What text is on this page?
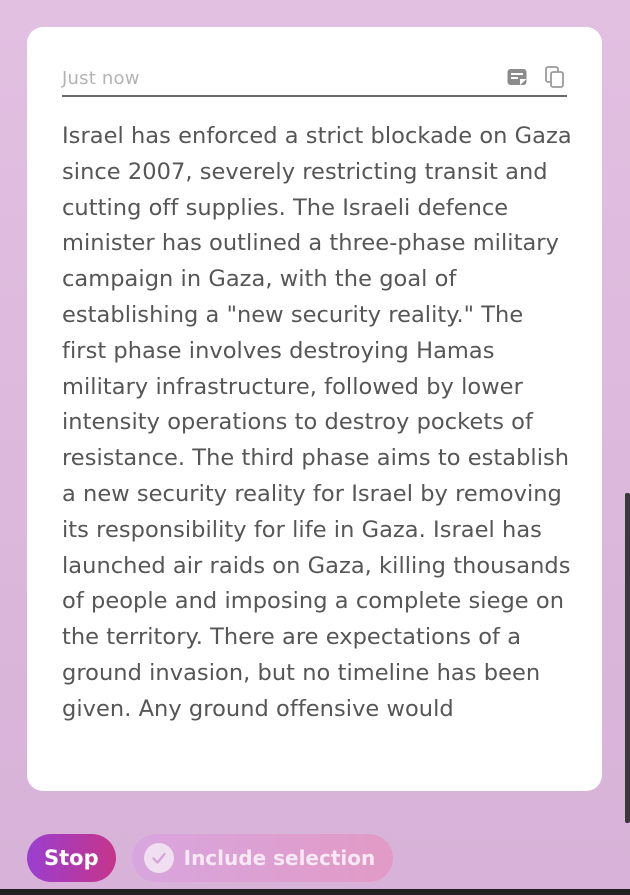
Just now
Israel has enforced a strict blockade on Gaza since 2007, severely restricting transit and cutting off supplies. The Israeli defence minister has outlined a three-phase military campaign in Gaza, with the goal of establishing a "new security reality." The first phase involves destroying Hamas military infrastructure, followed by lower intensity operations to destroy pockets of resistance. The third phase aims to establish a new security reality for Israel by removing its responsibility for life in Gaza. Israel has launched air raids on Gaza, killing thousands of people and imposing a complete siege on the territory. There are expectations of a ground invasion, but no timeline has been given. Any ground offensive would
Stop	Include selection
